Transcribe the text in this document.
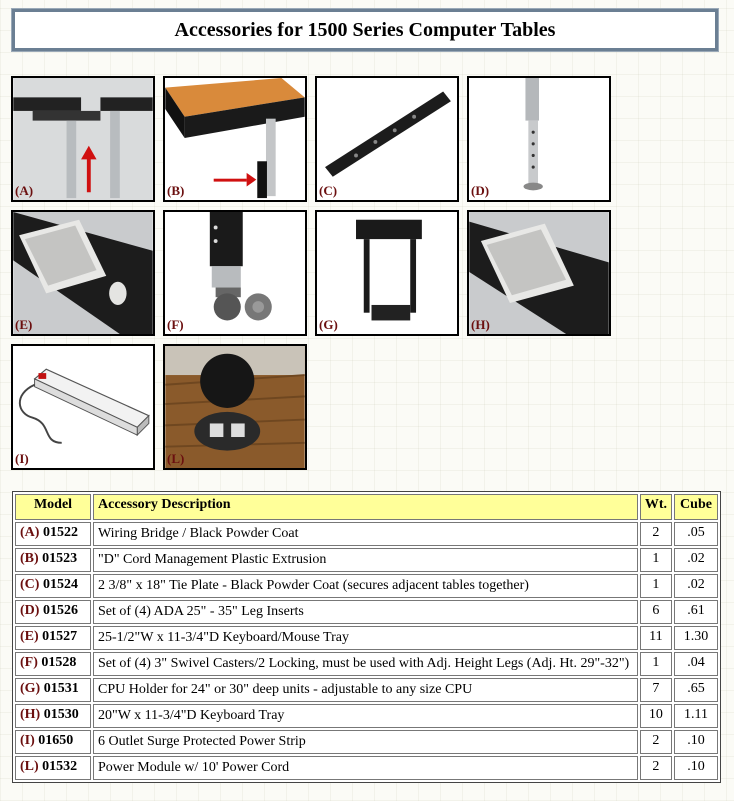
Accessories for 1500 Series Computer Tables
(A)	(B)	(C)	(D)
(E)	(F)	(G)	(H)
(I)	(L)
Model	Accessory Description	Wt.	Cube
(A) 01522	Wiring Bridge / Black Powder Coat	2	.05
(B) 01523	"D" Cord Management Plastic Extrusion	1	.02
(C) 01524	2 3/8" x 18" Tie Plate - Black Powder Coat (secures adjacent tables together)	1	.02
(D) 01526	Set of (4) ADA 25" - 35" Leg Inserts	6	.61
(E) 01527	25-1/2"W x 11-3/4"D Keyboard/Mouse Tray	11	1.30
(F) 01528	Set of (4) 3" Swivel Casters/2 Locking, must be used with Adj. Height Legs (Adj. Ht. 29"-32")	1	.04
(G) 01531	CPU Holder for 24" or 30" deep units - adjustable to any size CPU	7	.65
(H) 01530	20"W x 11-3/4"D Keyboard Tray	10	1.11
(I) 01650	6 Outlet Surge Protected Power Strip	2	.10
(L) 01532	Power Module w/ 10' Power Cord	2	.10
